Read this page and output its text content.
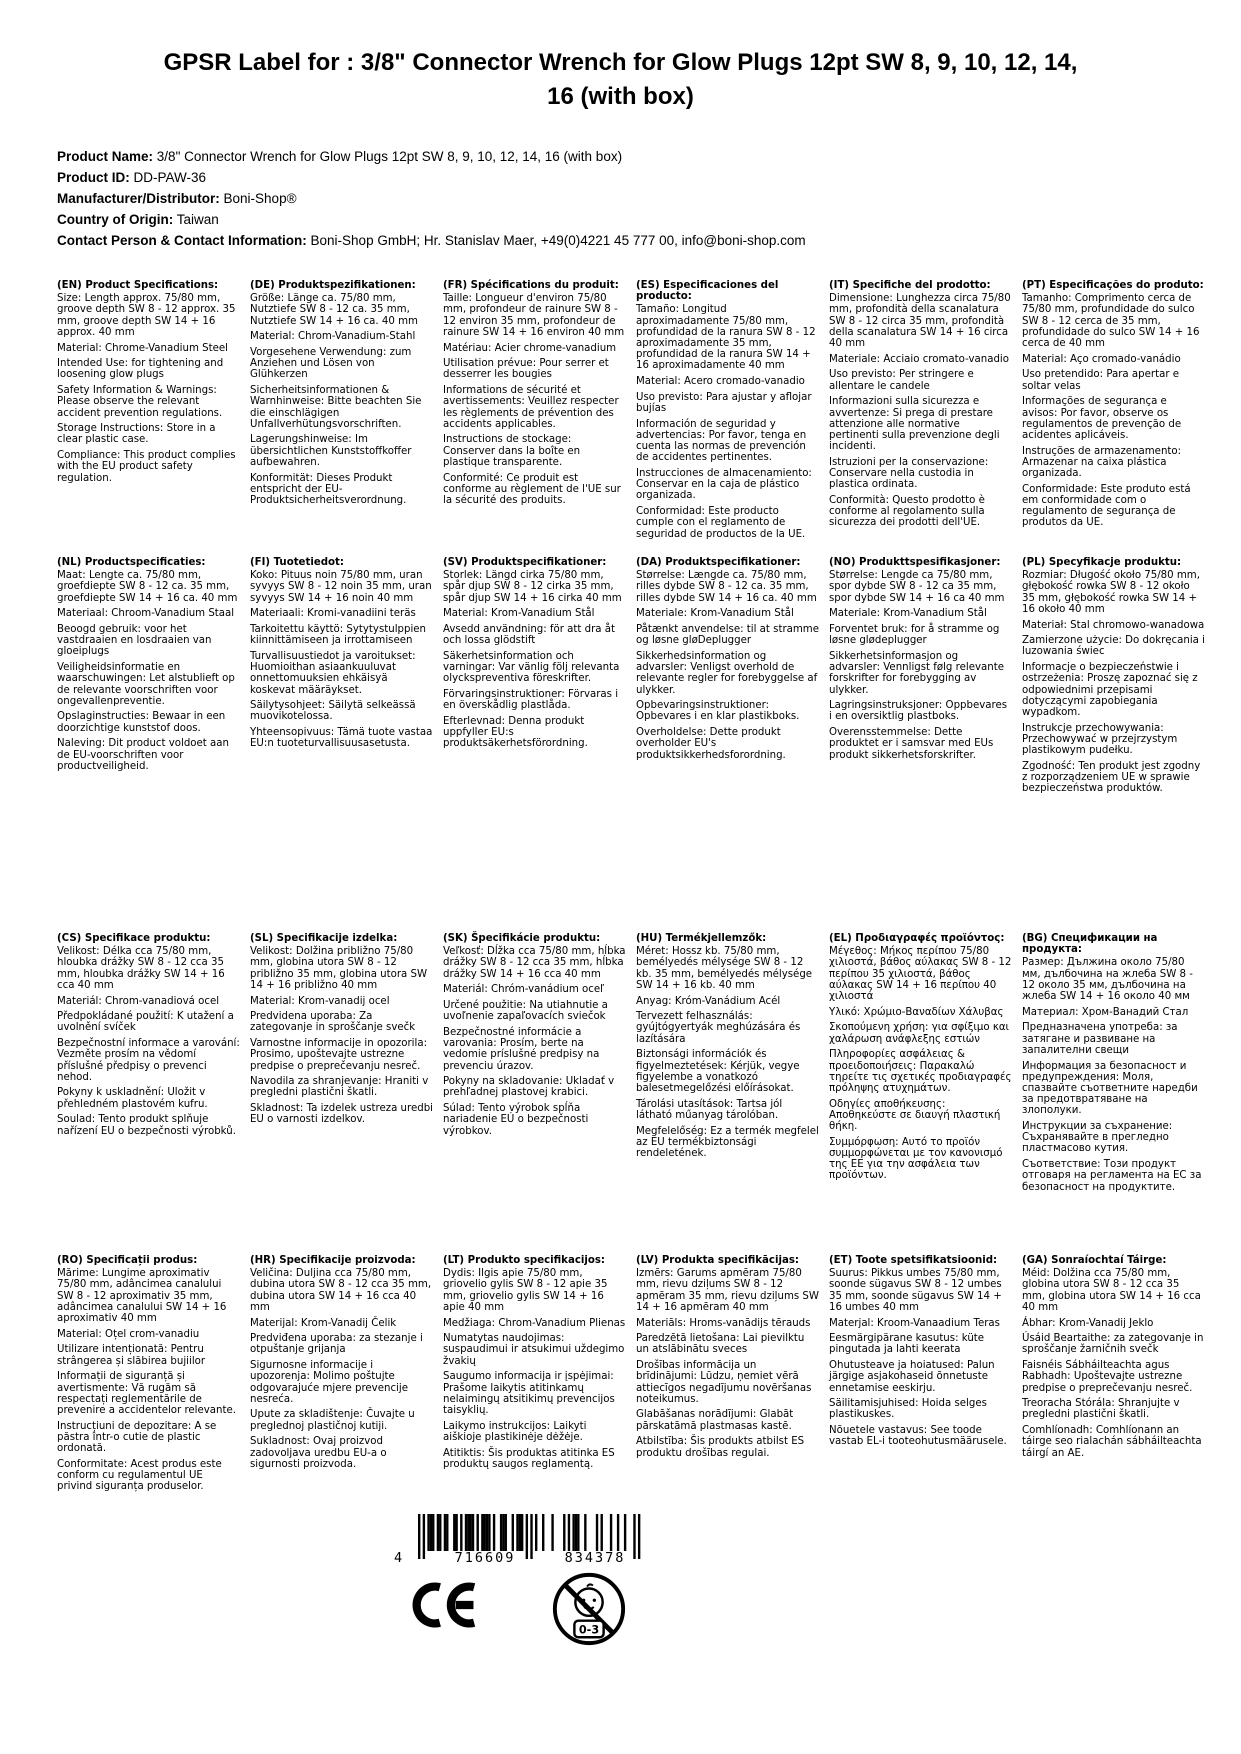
GPSR Label for : 3/8" Connector Wrench for Glow Plugs 12pt SW 8, 9, 10, 12, 14, 16 (with box)
Product Name: 3/8" Connector Wrench for Glow Plugs 12pt SW 8, 9, 10, 12, 14, 16 (with box)
Product ID: DD-PAW-36
Manufacturer/Distributor: Boni-Shop®
Country of Origin: Taiwan
Contact Person & Contact Information: Boni-Shop GmbH; Hr. Stanislav Maer, +49(0)4221 45 777 00, info@boni-shop.com
(EN) Product Specifications:

Size: Length approx. 75/80 mm, groove depth SW 8 - 12 approx. 35 mm, groove depth SW 14 + 16 approx. 40 mm

Material: Chrome-Vanadium Steel

Intended Use: for tightening and loosening glow plugs

Safety Information & Warnings: Please observe the relevant accident prevention regulations.

Storage Instructions: Store in a clear plastic case.

Compliance: This product complies with the EU product safety regulation.

(DE) Produktspezifikationen:

Größe: Länge ca. 75/80 mm, Nutztiefe SW 8 - 12 ca. 35 mm, Nutztiefe SW 14 + 16 ca. 40 mm

Material: Chrom-Vanadium-Stahl

Vorgesehene Verwendung: zum Anziehen und Lösen von Glühkerzen

Sicherheitsinformationen & Warnhinweise: Bitte beachten Sie die einschlägigen Unfallverhütungsvorschriften.

Lagerungshinweise: Im übersichtlichen Kunststoffkoffer aufbewahren.

Konformität: Dieses Produkt entspricht der EU-Produktsicherheitsverordnung.

(FR) Spécifications du produit:

Taille: Longueur d'environ 75/80 mm, profondeur de rainure SW 8 - 12 environ 35 mm, profondeur de rainure SW 14 + 16 environ 40 mm

Matériau: Acier chrome-vanadium

Utilisation prévue: Pour serrer et desserrer les bougies

Informations de sécurité et avertissements: Veuillez respecter les règlements de prévention des accidents applicables.

Instructions de stockage: Conserver dans la boîte en plastique transparente.

Conformité: Ce produit est conforme au règlement de l'UE sur la sécurité des produits.

(ES) Especificaciones del producto:

Tamaño: Longitud aproximadamente 75/80 mm, profundidad de la ranura SW 8 - 12 aproximadamente 35 mm, profundidad de la ranura SW 14 + 16 aproximadamente 40 mm

Material: Acero cromado-vanadio

Uso previsto: Para ajustar y aflojar bujías

Información de seguridad y advertencias: Por favor, tenga en cuenta las normas de prevención de accidentes pertinentes.

Instrucciones de almacenamiento: Conservar en la caja de plástico organizada.

Conformidad: Este producto cumple con el reglamento de seguridad de productos de la UE.

(IT) Specifiche del prodotto:

Dimensione: Lunghezza circa 75/80 mm, profondità della scanalatura SW 8 - 12 circa 35 mm, profondità della scanalatura SW 14 + 16 circa 40 mm

Materiale: Acciaio cromato-vanadio

Uso previsto: Per stringere e allentare le candele

Informazioni sulla sicurezza e avvertenze: Si prega di prestare attenzione alle normative pertinenti sulla prevenzione degli incidenti.

Istruzioni per la conservazione: Conservare nella custodia in plastica ordinata.

Conformità: Questo prodotto è conforme al regolamento sulla sicurezza dei prodotti dell'UE.

(PT) Especificações do produto:

Tamanho: Comprimento cerca de 75/80 mm, profundidade do sulco SW 8 - 12 cerca de 35 mm, profundidade do sulco SW 14 + 16 cerca de 40 mm

Material: Aço cromado-vanádio

Uso pretendido: Para apertar e soltar velas

Informações de segurança e avisos: Por favor, observe os regulamentos de prevenção de acidentes aplicáveis.

Instruções de armazenamento: Armazenar na caixa plástica organizada.

Conformidade: Este produto está em conformidade com o regulamento de segurança de produtos da UE.

(NL) Productspecificaties:

Maat: Lengte ca. 75/80 mm, groefdiepte SW 8 - 12 ca. 35 mm, groefdiepte SW 14 + 16 ca. 40 mm

Materiaal: Chroom-Vanadium Staal

Beoogd gebruik: voor het vastdraaien en losdraaien van gloeiplugs

Veiligheidsinformatie en waarschuwingen: Let alstublieft op de relevante voorschriften voor ongevallenpreventie.

Opslaginstructies: Bewaar in een doorzichtige kunststof doos.

Naleving: Dit product voldoet aan de EU-voorschriften voor productveiligheid.

(FI) Tuotetiedot:

Koko: Pituus noin 75/80 mm, uran syvyys SW 8 - 12 noin 35 mm, uran syvyys SW 14 + 16 noin 40 mm

Materiaali: Kromi-vanadiini teräs

Tarkoitettu käyttö: Sytytystulppien kiinnittämiseen ja irrottamiseen

Turvallisuustiedot ja varoitukset: Huomioithan asiaankuuluvat onnettomuuksien ehkäisyä koskevat määräykset.

Säilytysohjeet: Säilytä selkeässä muovikotelossa.

Yhteensopivuus: Tämä tuote vastaa EU:n tuoteturvallisuusasetusta.

(SV) Produktspecifikationer:

Storlek: Längd cirka 75/80 mm, spår djup SW 8 - 12 cirka 35 mm, spår djup SW 14 + 16 cirka 40 mm

Material: Krom-Vanadium Stål

Avsedd användning: för att dra åt och lossa glödstift

Säkerhetsinformation och varningar: Var vänlig följ relevanta olyckspreventiva föreskrifter.

Förvaringsinstruktioner: Förvaras i en överskådlig plastlåda.

Efterlevnad: Denna produkt uppfyller EU:s produktsäkerhetsförordning.

(DA) Produktspecifikationer:

Størrelse: Længde ca. 75/80 mm, rilles dybde SW 8 - 12 ca. 35 mm, rilles dybde SW 14 + 16 ca. 40 mm

Materiale: Krom-Vanadium Stål

Påtænkt anvendelse: til at stramme og løsne gløDeplugger

Sikkerhedsinformation og advarsler: Venligst overhold de relevante regler for forebyggelse af ulykker.

Opbevaringsinstruktioner: Opbevares i en klar plastikboks.

Overholdelse: Dette produkt overholder EU's produktsikkerhedsforordning.

(NO) Produkttspesifikasjoner:

Størrelse: Lengde ca 75/80 mm, spor dybde SW 8 - 12 ca 35 mm, spor dybde SW 14 + 16 ca 40 mm

Materiale: Krom-Vanadium Stål

Forventet bruk: for å stramme og løsne glødeplugger

Sikkerhetsinformasjon og advarsler: Vennligst følg relevante forskrifter for forebygging av ulykker.

Lagringsinstruksjoner: Oppbevares i en oversiktlig plastboks.

Overensstemmelse: Dette produktet er i samsvar med EUs produkt sikkerhetsforskrifter.

(PL) Specyfikacje produktu:

Rozmiar: Długość około 75/80 mm, głębokość rowka SW 8 - 12 około 35 mm, głębokość rowka SW 14 + 16 około 40 mm

Materiał: Stal chromowo-wanadowa

Zamierzone użycie: Do dokręcania i luzowania świec

Informacje o bezpieczeństwie i ostrzeżenia: Proszę zapoznać się z odpowiednimi przepisami dotyczącymi zapobiegania wypadkom.

Instrukcje przechowywania: Przechowywać w przejrzystym plastikowym pudełku.

Zgodność: Ten produkt jest zgodny z rozporządzeniem UE w sprawie bezpieczeństwa produktów.

(CS) Specifikace produktu:

Velikost: Délka cca 75/80 mm, hloubka drážky SW 8 - 12 cca 35 mm, hloubka drážky SW 14 + 16 cca 40 mm

Materiál: Chrom-vanadiová ocel

Předpokládané použití: K utažení a uvolnění svíček

Bezpečnostní informace a varování: Vezměte prosím na vědomí příslušné předpisy o prevenci nehod.

Pokyny k uskladnění: Uložit v přehledném plastovém kufru.

Soulad: Tento produkt splňuje nařízení EU o bezpečnosti výrobků.

(SL) Specifikacije izdelka:

Velikost: Dolžina približno 75/80 mm, globina utora SW 8 - 12 približno 35 mm, globina utora SW 14 + 16 približno 40 mm

Material: Krom-vanadij ocel

Predvidena uporaba: Za zategovanje in sproščanje svečk

Varnostne informacije in opozorila: Prosimo, upoštevajte ustrezne predpise o preprečevanju nesreč.

Navodila za shranjevanje: Hraniti v pregledni plastični škatli.

Skladnost: Ta izdelek ustreza uredbi EU o varnosti izdelkov.

(SK) Špecifikácie produktu:

Veľkosť: Dĺžka cca 75/80 mm, hĺbka drážky SW 8 - 12 cca 35 mm, hĺbka drážky SW 14 + 16 cca 40 mm

Materiál: Chróm-vanádium oceľ

Určené použitie: Na utiahnutie a uvoľnenie zapaľovacích sviečok

Bezpečnostné informácie a varovania: Prosím, berte na vedomie príslušné predpisy na prevenciu úrazov.

Pokyny na skladovanie: Ukladať v prehľadnej plastovej krabici.

Súlad: Tento výrobok spĺňa nariadenie EÚ o bezpečnosti výrobkov.

(HU) Termékjellemzők:

Méret: Hossz kb. 75/80 mm, bemélyedés mélysége SW 8 - 12 kb. 35 mm, bemélyedés mélysége SW 14 + 16 kb. 40 mm

Anyag: Króm-Vanádium Acél

Tervezett felhasználás: gyújtógyertyák meghúzására és lazítására

Biztonsági információk és figyelmeztetések: Kérjük, vegye figyelembe a vonatkozó balesetmegelőzési előírásokat.

Tárolási utasítások: Tartsa jól látható műanyag tárolóban.

Megfelelőség: Ez a termék megfelel az EU termékbiztonsági rendeletének.

(EL) Προδιαγραφές προϊόντος:

Μέγεθος: Μήκος περίπου 75/80 χιλιοστά, βάθος αύλακας SW 8 - 12 περίπου 35 χιλιοστά, βάθος αύλακας SW 14 + 16 περίπου 40 χιλιοστά

Υλικό: Χρώμιο-Βαναδίων Χάλυβας

Σκοπούμενη χρήση: για σφίξιμο και χαλάρωση ανάφλεξης εστιών

Πληροφορίες ασφάλειας & προειδοποιήσεις: Παρακαλώ τηρείτε τις σχετικές προδιαγραφές πρόληψης ατυχημάτων.

Οδηγίες αποθήκευσης: Αποθηκεύστε σε διαυγή πλαστική θήκη.

Συμμόρφωση: Αυτό το προϊόν συμμορφώνεται με τον κανονισμό της ΕΕ για την ασφάλεια των προϊόντων.

(BG) Спецификации на продукта:

Размер: Дължина около 75/80 мм, дълбочина на жлеба SW 8 - 12 около 35 мм, дълбочина на жлеба SW 14 + 16 около 40 мм

Материал: Хром-Ванадий Стал

Предназначена употреба: за затягане и развиване на запалителни свещи

Информация за безопасност и предупреждения: Моля, спазвайте съответните наредби за предотвратяване на злополуки.

Инструкции за съхранение: Съхранявайте в прегледно пластмасово кутия.

Съответствие: Този продукт отговаря на регламента на ЕС за безопасност на продуктите.

(RO) Specificații produs:

Mărime: Lungime aproximativ 75/80 mm, adâncimea canalului SW 8 - 12 aproximativ 35 mm, adâncimea canalului SW 14 + 16 aproximativ 40 mm

Material: Oțel crom-vanadiu

Utilizare intenționată: Pentru strângerea și slăbirea bujiilor

Informații de siguranță și avertismente: Vă rugăm să respectați reglementările de prevenire a accidentelor relevante.

Instrucțiuni de depozitare: A se păstra într-o cutie de plastic ordonată.

Conformitate: Acest produs este conform cu regulamentul UE privind siguranța produselor.

(HR) Specifikacije proizvoda:

Veličina: Duljina cca 75/80 mm, dubina utora SW 8 - 12 cca 35 mm, dubina utora SW 14 + 16 cca 40 mm

Materijal: Krom-Vanadij Čelik

Predviđena uporaba: za stezanje i otpuštanje grijanja

Sigurnosne informacije i upozorenja: Molimo poštujte odgovarajuće mjere prevencije nesreća.

Upute za skladištenje: Čuvajte u preglednoj plastičnoj kutiji.

Sukladnost: Ovaj proizvod zadovoljava uredbu EU-a o sigurnosti proizvoda.

(LT) Produkto specifikacijos:

Dydis: Ilgis apie 75/80 mm, griovelio gylis SW 8 - 12 apie 35 mm, griovelio gylis SW 14 + 16 apie 40 mm

Medžiaga: Chrom-Vanadium Plienas

Numatytas naudojimas: suspaudimui ir atsukimui uždegimo žvakių

Saugumo informacija ir įspėjimai: Prašome laikytis atitinkamų nelaimingų atsitikimų prevencijos taisyklių.

Laikymo instrukcijos: Laikyti aiškioje plastikinėje dėžėje.

Atitiktis: Šis produktas atitinka ES produktų saugos reglamentą.

(LV) Produkta specifikācijas:

Izmērs: Garums apmēram 75/80 mm, rievu dziļums SW 8 - 12 apmēram 35 mm, rievu dziļums SW 14 + 16 apmēram 40 mm

Materiāls: Hroms-vanādijs tērauds

Paredzētā lietošana: Lai pievilktu un atslābinātu sveces

Drošības informācija un brīdinājumi: Lūdzu, ņemiet vērā attiecīgos negadījumu novēršanas noteikumus.

Glabāšanas norādījumi: Glabāt pārskatāmā plastmasas kastē.

Atbilstība: Šis produkts atbilst ES produktu drošības regulai.

(ET) Toote spetsifikatsioonid:

Suurus: Pikkus umbes 75/80 mm, soonde sügavus SW 8 - 12 umbes 35 mm, soonde sügavus SW 14 + 16 umbes 40 mm

Materjal: Kroom-Vanaadium Teras

Eesmärgipärane kasutus: küte pingutada ja lahti keerata

Ohutusteave ja hoiatused: Palun järgige asjakohaseid õnnetuste ennetamise eeskirju.

Säilitamisjuhised: Hoida selges plastikuskes.

Nõuetele vastavus: See toode vastab EL-i tooteohutusmäärusele.

(GA) Sonraíochtaí Táirge:

Méid: Dolžina cca 75/80 mm, globina utora SW 8 - 12 cca 35 mm, globina utora SW 14 + 16 cca 40 mm

Ábhar: Krom-Vanadij Jeklo

Úsáid Beartaithe: za zategovanje in sproščanje žarničnih svečk

Faisnéis Sábháilteachta agus Rabhadh: Upoštevajte ustrezne predpise o preprečevanju nesreč.

Treoracha Stórála: Shranjujte v pregledni plastični škatli.

Comhlíonadh: Comhlíonann an táirge seo rialachán sábháilteachta táirgí an AE.

4	716609	834378
0-3
